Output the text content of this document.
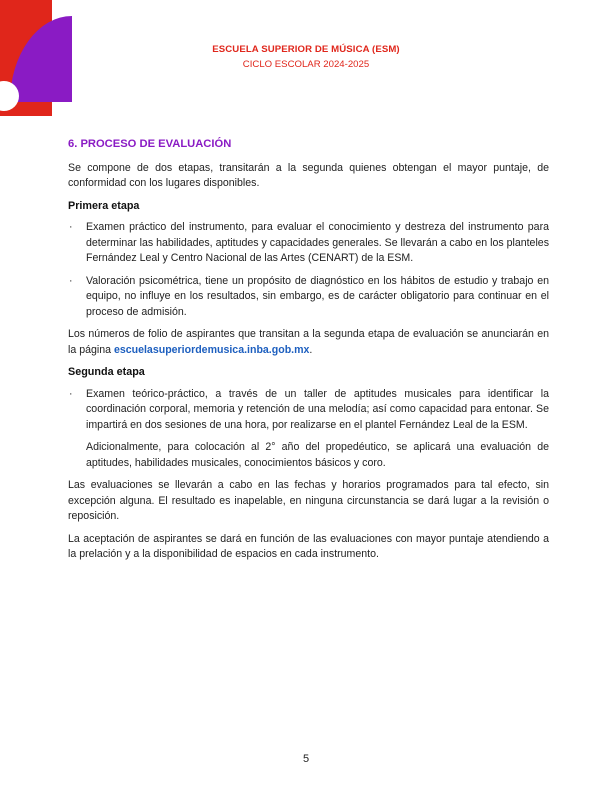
ESCUELA SUPERIOR DE MÚSICA (ESM)
CICLO ESCOLAR 2024-2025
6. PROCESO DE EVALUACIÓN

Se compone de dos etapas, transitarán a la segunda quienes obtengan el mayor puntaje, de conformidad con los lugares disponibles.

Primera etapa
· Examen práctico del instrumento, para evaluar el conocimiento y destreza del instrumento para determinar las habilidades, aptitudes y capacidades generales. Se llevarán a cabo en los planteles Fernández Leal y Centro Nacional de las Artes (CENART) de la ESM.
· Valoración psicométrica, tiene un propósito de diagnóstico en los hábitos de estudio y trabajo en equipo, no influye en los resultados, sin embargo, es de carácter obligatorio para continuar en el proceso de admisión.

Los números de folio de aspirantes que transitan a la segunda etapa de evaluación se anunciarán en la página escuelasuperiordemusica.inba.gob.mx.

Segunda etapa
· Examen teórico-práctico, a través de un taller de aptitudes musicales para identificar la coordinación corporal, memoria y retención de una melodía; así como capacidad para entonar. Se impartirá en dos sesiones de una hora, por realizarse en el plantel Fernández Leal de la ESM.

Adicionalmente, para colocación al 2° año del propedéutico, se aplicará una evaluación de aptitudes, habilidades musicales, conocimientos básicos y coro.

Las evaluaciones se llevarán a cabo en las fechas y horarios programados para tal efecto, sin excepción alguna. El resultado es inapelable, en ninguna circunstancia se dará lugar a la revisión o reposición.

La aceptación de aspirantes se dará en función de las evaluaciones con mayor puntaje atendiendo a la prelación y a la disponibilidad de espacios en cada instrumento.

5
